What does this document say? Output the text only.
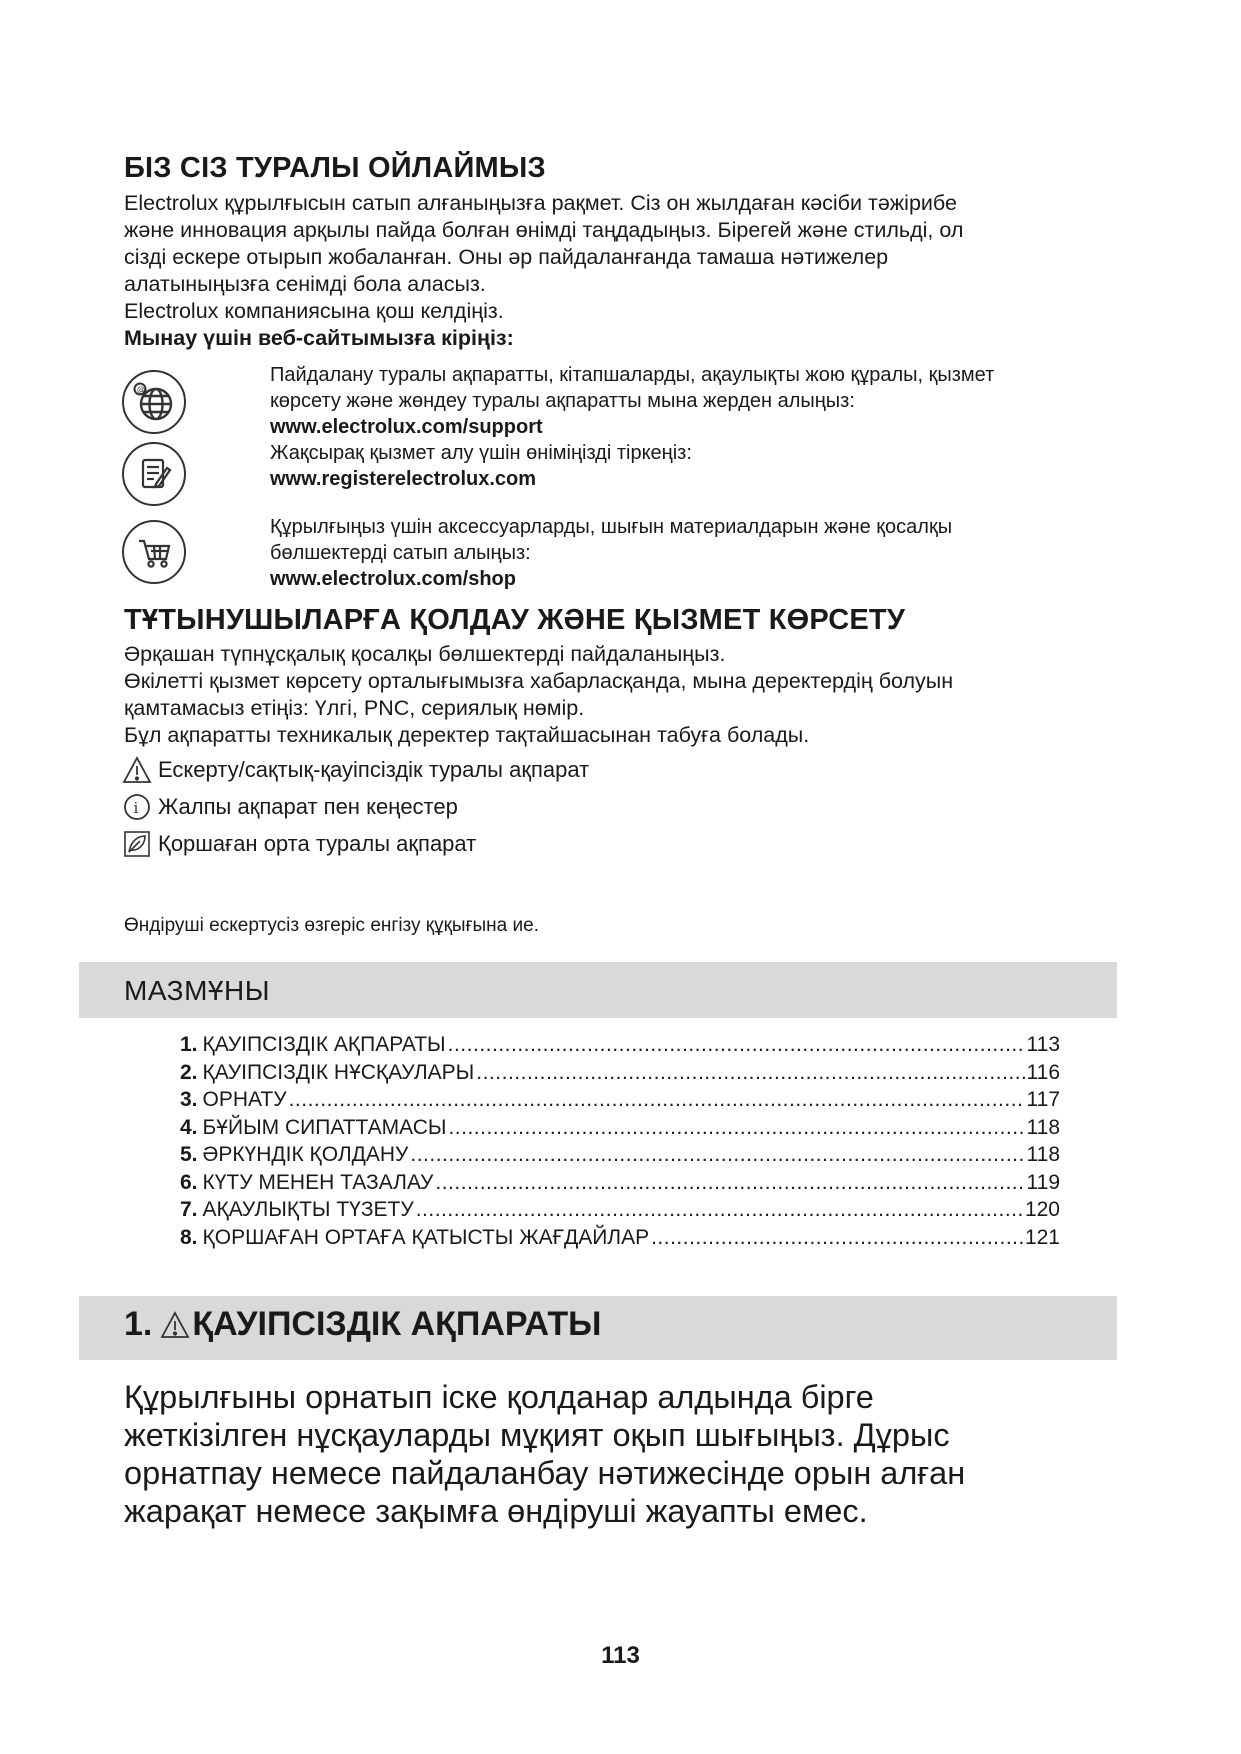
БІЗ СІЗ ТУРАЛЫ ОЙЛАЙМЫЗ
Electrolux құрылғысын сатып алғаныңызға рақмет. Сіз он жылдаған кәсіби тәжірибе
және инновация арқылы пайда болған өнімді таңдадыңыз. Бірегей және стильді, ол
сізді ескере отырып жобаланған. Оны әр пайдаланғанда тамаша нәтижелер
алатыныңызға сенімді бола аласыз.
Electrolux компаниясына қош келдіңіз.
Мынау үшін веб-сайтымызға кіріңіз:
@
Пайдалану туралы ақпаратты, кітапшаларды, ақаулықты жою құралы, қызмет
көрсету және жөндеу туралы ақпаратты мына жерден алыңыз:
www.electrolux.com/support
Жақсырақ қызмет алу үшін өніміңізді тіркеңіз:
www.registerelectrolux.com
Құрылғыңыз үшін аксессуарларды, шығын материалдарын және қосалқы
бөлшектерді сатып алыңыз:
www.electrolux.com/shop
ТҰТЫНУШЫЛАРҒА ҚОЛДАУ ЖӘНЕ ҚЫЗМЕТ КӨРСЕТУ
Әрқашан түпнұсқалық қосалқы бөлшектерді пайдаланыңыз.
Өкілетті қызмет көрсету орталығымызға хабарласқанда, мына деректердің болуын
қамтамасыз етіңіз: Үлгі, PNC, сериялық нөмір.
Бұл ақпаратты техникалық деректер тақтайшасынан табуға болады.
Ескерту/сақтық-қауіпсіздік туралы ақпарат
i Жалпы ақпарат пен кеңестер
Қоршаған орта туралы ақпарат
Өндіруші ескертусіз өзгеріс енгізу құқығына ие.
МАЗМҰНЫ
1. ҚАУІПСІЗДІК АҚПАРАТЫ .....	113
2. ҚАУІПСІЗДІК НҰСҚАУЛАРЫ .....	116
3. ОРНАТУ .....	117
4. БҰЙЫМ СИПАТТАМАСЫ .....	118
5. ӘРКҮНДІК ҚОЛДАНУ .....	118
6. КҮТУ МЕНЕН ТАЗАЛАУ .....	119
7. АҚАУЛЫҚТЫ ТҮЗЕТУ .....	120
8. ҚОРШАҒАН ОРТАҒА ҚАТЫСТЫ ЖАҒДАЙЛАР .....	121
1. ҚАУІПСІЗДІК АҚПАРАТЫ
Құрылғыны орнатып іске қолданар алдында бірге
жеткізілген нұсқауларды мұқият оқып шығыңыз. Дұрыс
орнатпау немесе пайдаланбау нәтижесінде орын алған
жарақат немесе зақымға өндіруші жауапты емес.
113
